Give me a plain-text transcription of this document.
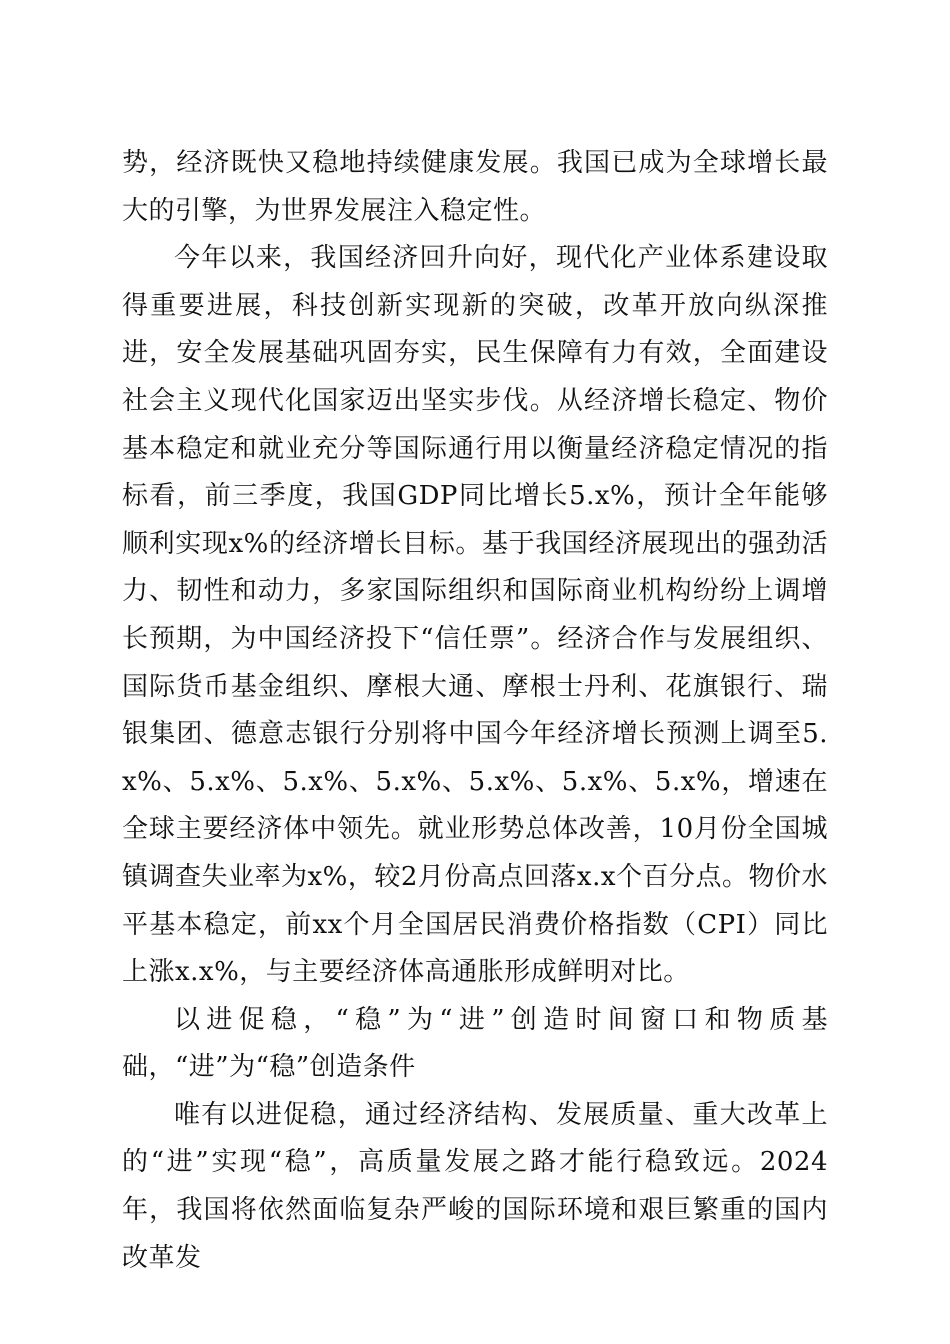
势，经济既快又稳地持续健康发展。我国已成为全球增长最大的引擎，为世界发展注入稳定性。

今年以来，我国经济回升向好，现代化产业体系建设取得重要进展，科技创新实现新的突破，改革开放向纵深推进，安全发展基础巩固夯实，民生保障有力有效，全面建设社会主义现代化国家迈出坚实步伐。从经济增长稳定、物价基本稳定和就业充分等国际通行用以衡量经济稳定情况的指标看，前三季度，我国GDP同比增长5.x%，预计全年能够顺利实现x%的经济增长目标。基于我国经济展现出的强劲活力、韧性和动力，多家国际组织和国际商业机构纷纷上调增长预期，为中国经济投下“信任票”。经济合作与发展组织、国际货币基金组织、摩根大通、摩根士丹利、花旗银行、瑞银集团、德意志银行分别将中国今年经济增长预测上调至5.x%、5.x%、5.x%、5.x%、5.x%、5.x%、5.x%，增速在全球主要经济体中领先。就业形势总体改善，10月份全国城镇调查失业率为x%，较2月份高点回落x.x个百分点。物价水平基本稳定，前xx个月全国居民消费价格指数（CPI）同比上涨x.x%，与主要经济体高通胀形成鲜明对比。

以进促稳，“稳”为“进”创造时间窗口和物质基础，“进”为“稳”创造条件

唯有以进促稳，通过经济结构、发展质量、重大改革上的“进”实现“稳”，高质量发展之路才能行稳致远。2024年，我国将依然面临复杂严峻的国际环境和艰巨繁重的国内改革发
